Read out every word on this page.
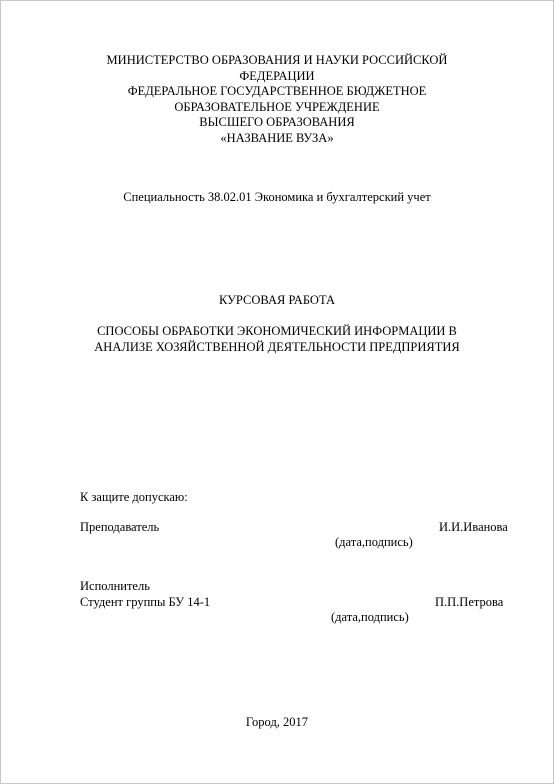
МИНИСТЕРСТВО ОБРАЗОВАНИЯ И НАУКИ РОССИЙСКОЙ
ФЕДЕРАЦИИ
ФЕДЕРАЛЬНОЕ ГОСУДАРСТВЕННОЕ БЮДЖЕТНОЕ
ОБРАЗОВАТЕЛЬНОЕ УЧРЕЖДЕНИЕ
ВЫСШЕГО ОБРАЗОВАНИЯ
«НАЗВАНИЕ ВУЗА»
Специальность 38.02.01 Экономика и бухгалтерский учет
КУРСОВАЯ РАБОТА
СПОСОБЫ ОБРАБОТКИ ЭКОНОМИЧЕСКИЙ ИНФОРМАЦИИ В
АНАЛИЗЕ ХОЗЯЙСТВЕННОЙ ДЕЯТЕЛЬНОСТИ ПРЕДПРИЯТИЯ
К защите допускаю:
Преподаватель	И.И.Иванова
(дата,подпись)
Исполнитель
Студент группы БУ 14-1	П.П.Петрова
(дата,подпись)
Город, 2017
